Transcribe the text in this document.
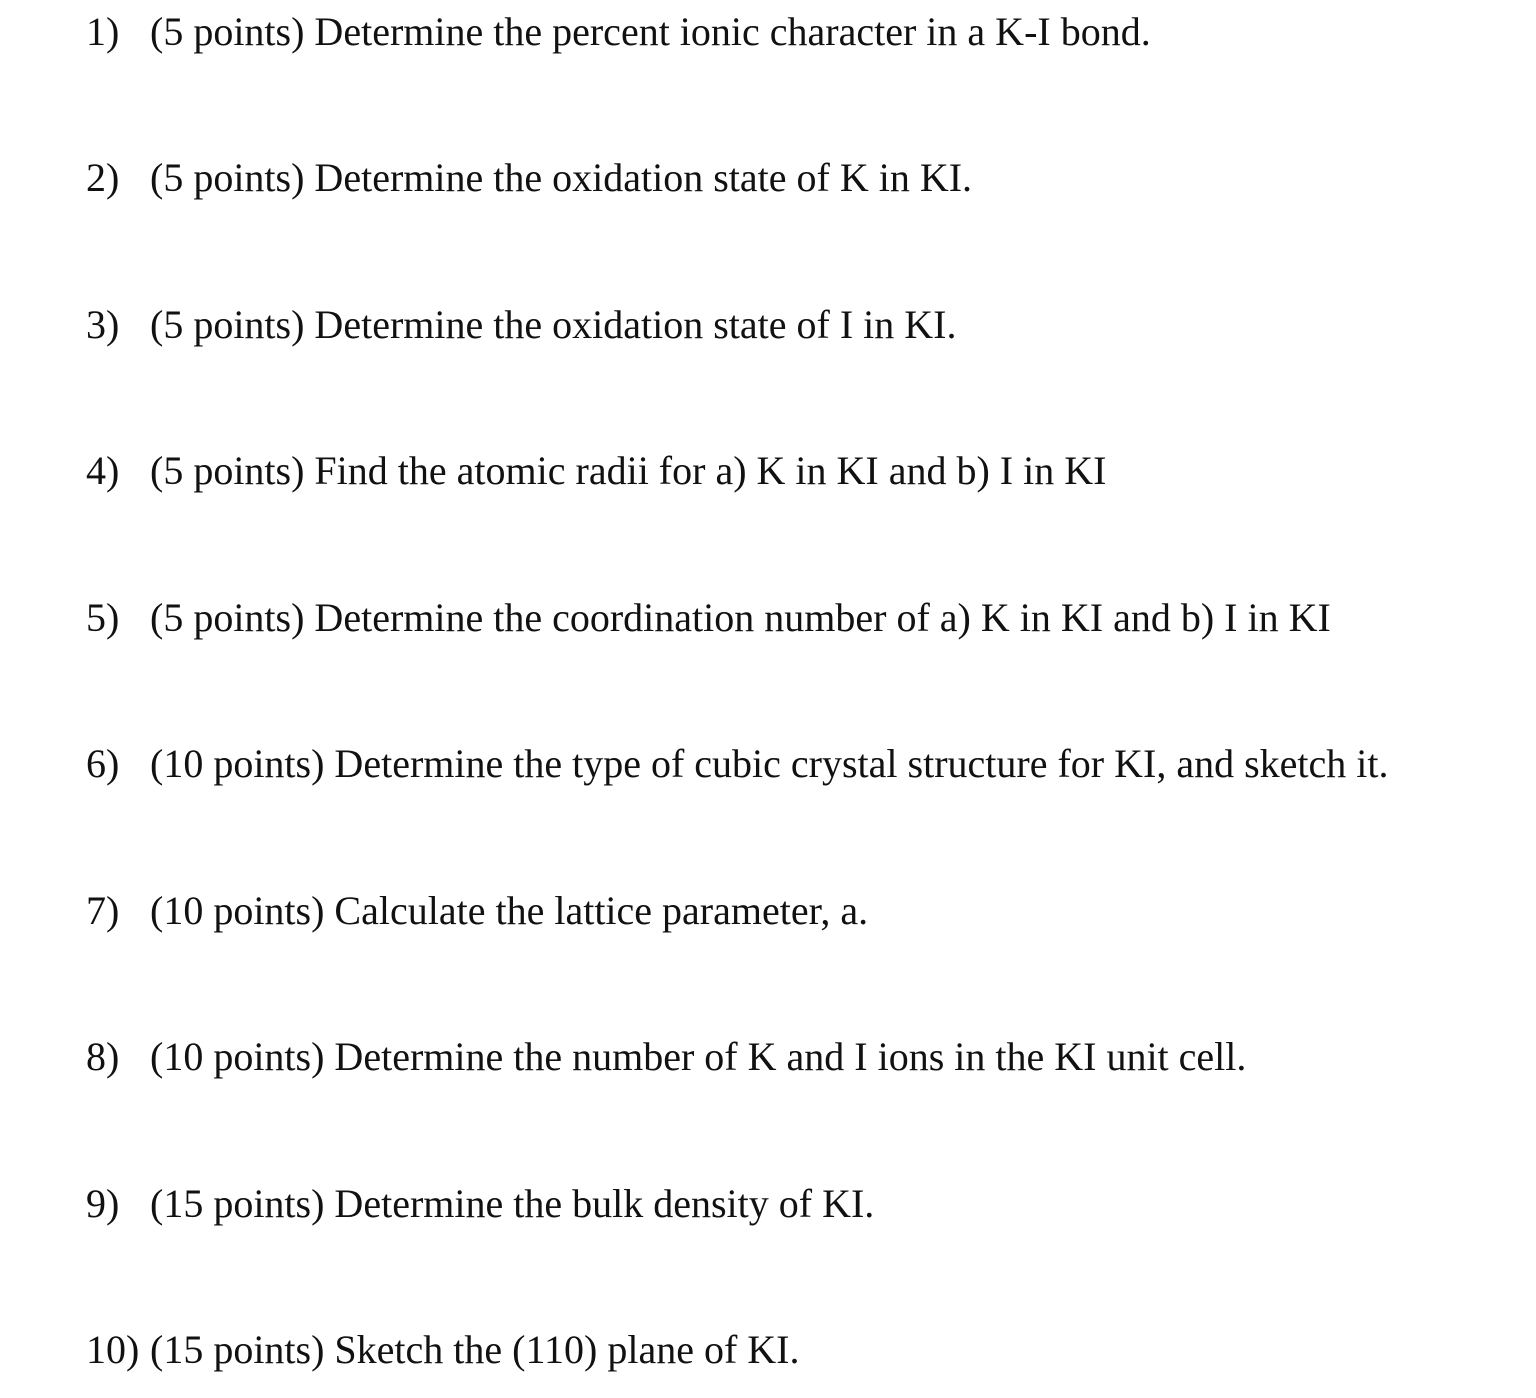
1) (5 points) Determine the percent ionic character in a K-I bond.
2) (5 points) Determine the oxidation state of K in KI.
3) (5 points) Determine the oxidation state of I in KI.
4) (5 points) Find the atomic radii for a) K in KI and b) I in KI
5) (5 points) Determine the coordination number of a) K in KI and b) I in KI
6) (10 points) Determine the type of cubic crystal structure for KI, and sketch it.
7) (10 points) Calculate the lattice parameter, a.
8) (10 points) Determine the number of K and I ions in the KI unit cell.
9) (15 points) Determine the bulk density of KI.
10) (15 points) Sketch the (110) plane of KI.
